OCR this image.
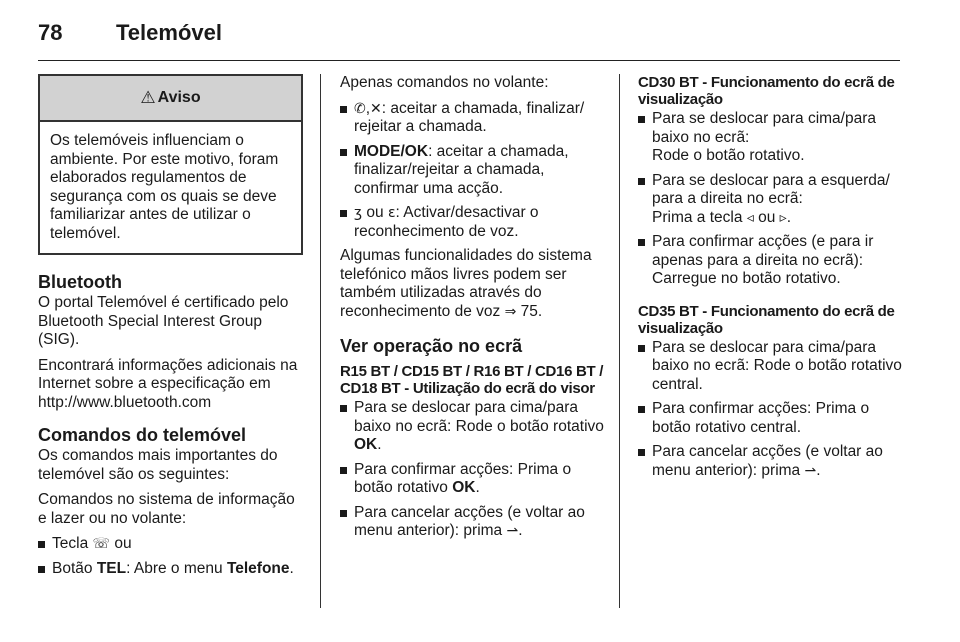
78 Telemóvel
⚠ Aviso
Os telemóveis influenciam o ambiente. Por este motivo, foram elaborados regulamentos de segurança com os quais se deve familiarizar antes de utilizar o telemóvel.
Bluetooth

O portal Telemóvel é certificado pelo Bluetooth Special Interest Group (SIG).

Encontrará informações adicionais na Internet sobre a especificação em http://www.bluetooth.com

Comandos do telemóvel

Os comandos mais importantes do telemóvel são os seguintes:

Comandos no sistema de informação e lazer ou no volante:

Tecla ☏ ou
Botão TEL: Abre o menu Telefone.

Apenas comandos no volante:

✆,✕: aceitar a chamada, finalizar/ rejeitar a chamada.
MODE/OK: aceitar a chamada, finalizar/rejeitar a chamada, confirmar uma acção.
ʒ ou ɛ: Activar/desactivar o reconhecimento de voz.

Algumas funcionalidades do sistema telefónico mãos livres podem ser também utilizadas através do reconhecimento de voz ⇒ 75.

Ver operação no ecrã
R15 BT / CD15 BT / R16 BT / CD16 BT / CD18 BT - Utilização do ecrã do visor
Para se deslocar para cima/para baixo no ecrã: Rode o botão rotativo OK.
Para confirmar acções: Prima o botão rotativo OK.
Para cancelar acções (e voltar ao menu anterior): prima ⇀.
CD30 BT - Funcionamento do ecrã de visualização
Para se deslocar para cima/para baixo no ecrã:
Rode o botão rotativo.
Para se deslocar para a esquerda/ para a direita no ecrã:
Prima a tecla ◃ ou ▹.
Para confirmar acções (e para ir apenas para a direita no ecrã):
Carregue no botão rotativo.
CD35 BT - Funcionamento do ecrã de visualização
Para se deslocar para cima/para baixo no ecrã: Rode o botão rotativo central.
Para confirmar acções: Prima o botão rotativo central.
Para cancelar acções (e voltar ao menu anterior): prima ⇀.
